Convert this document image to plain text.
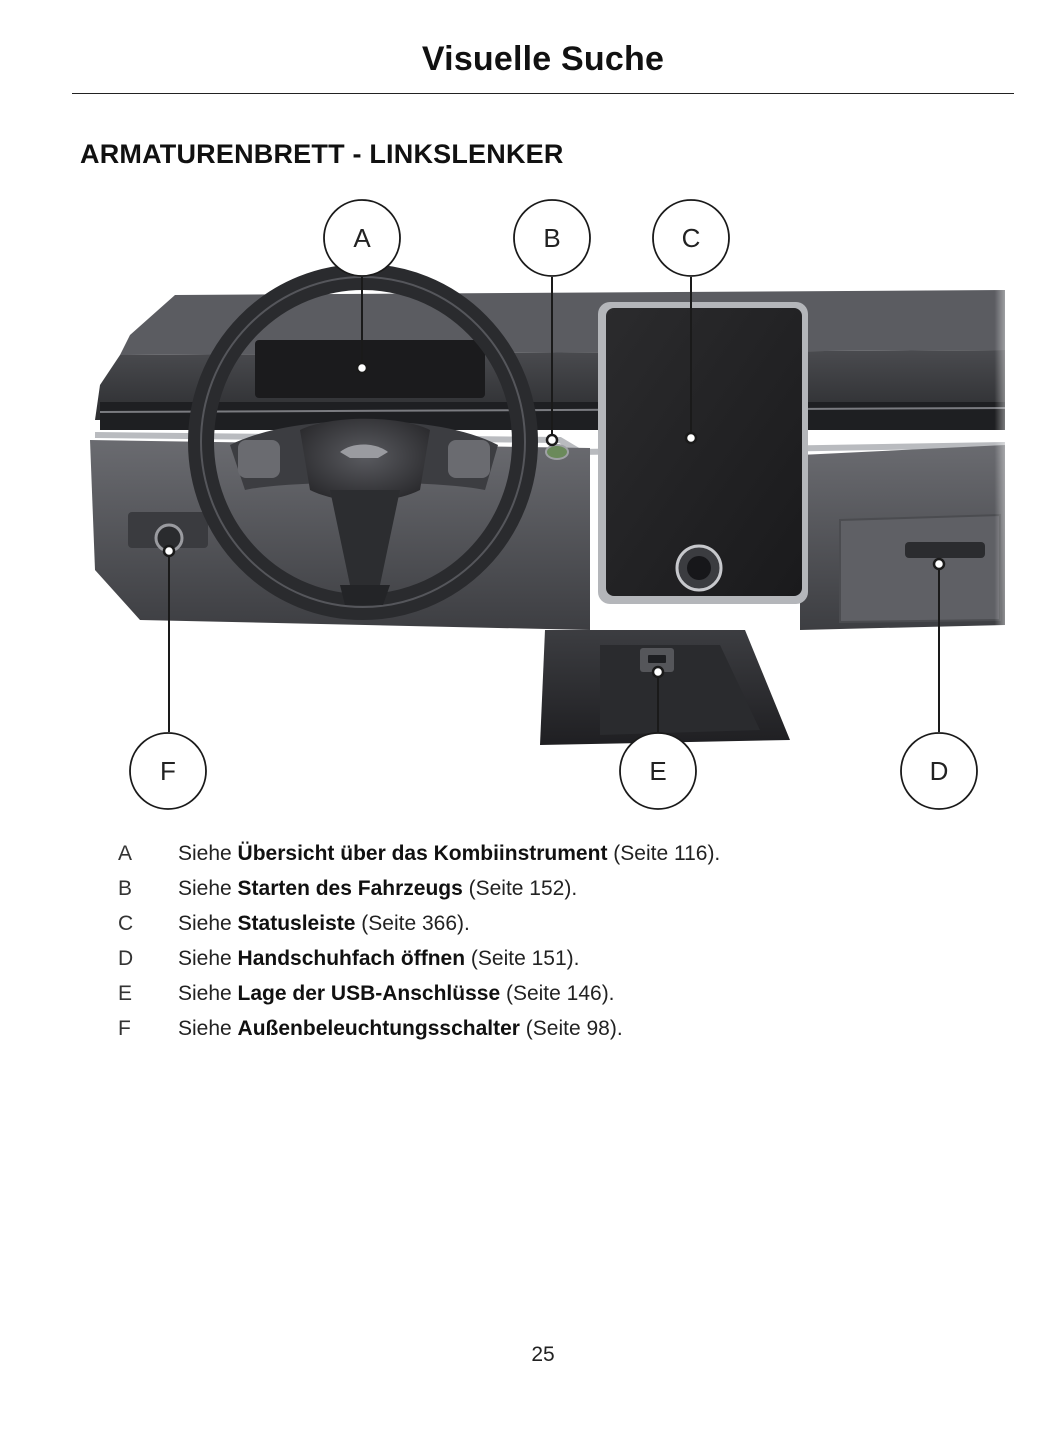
Visuelle Suche
ARMATURENBRETT - LINKSLENKER
A	B	C
D
E
F
A	Siehe Übersicht über das Kombiinstrument (Seite 116).
B	Siehe Starten des Fahrzeugs (Seite 152).
C	Siehe Statusleiste (Seite 366).
D	Siehe Handschuhfach öffnen (Seite 151).
E	Siehe Lage der USB-Anschlüsse (Seite 146).
F	Siehe Außenbeleuchtungsschalter (Seite 98).
25
